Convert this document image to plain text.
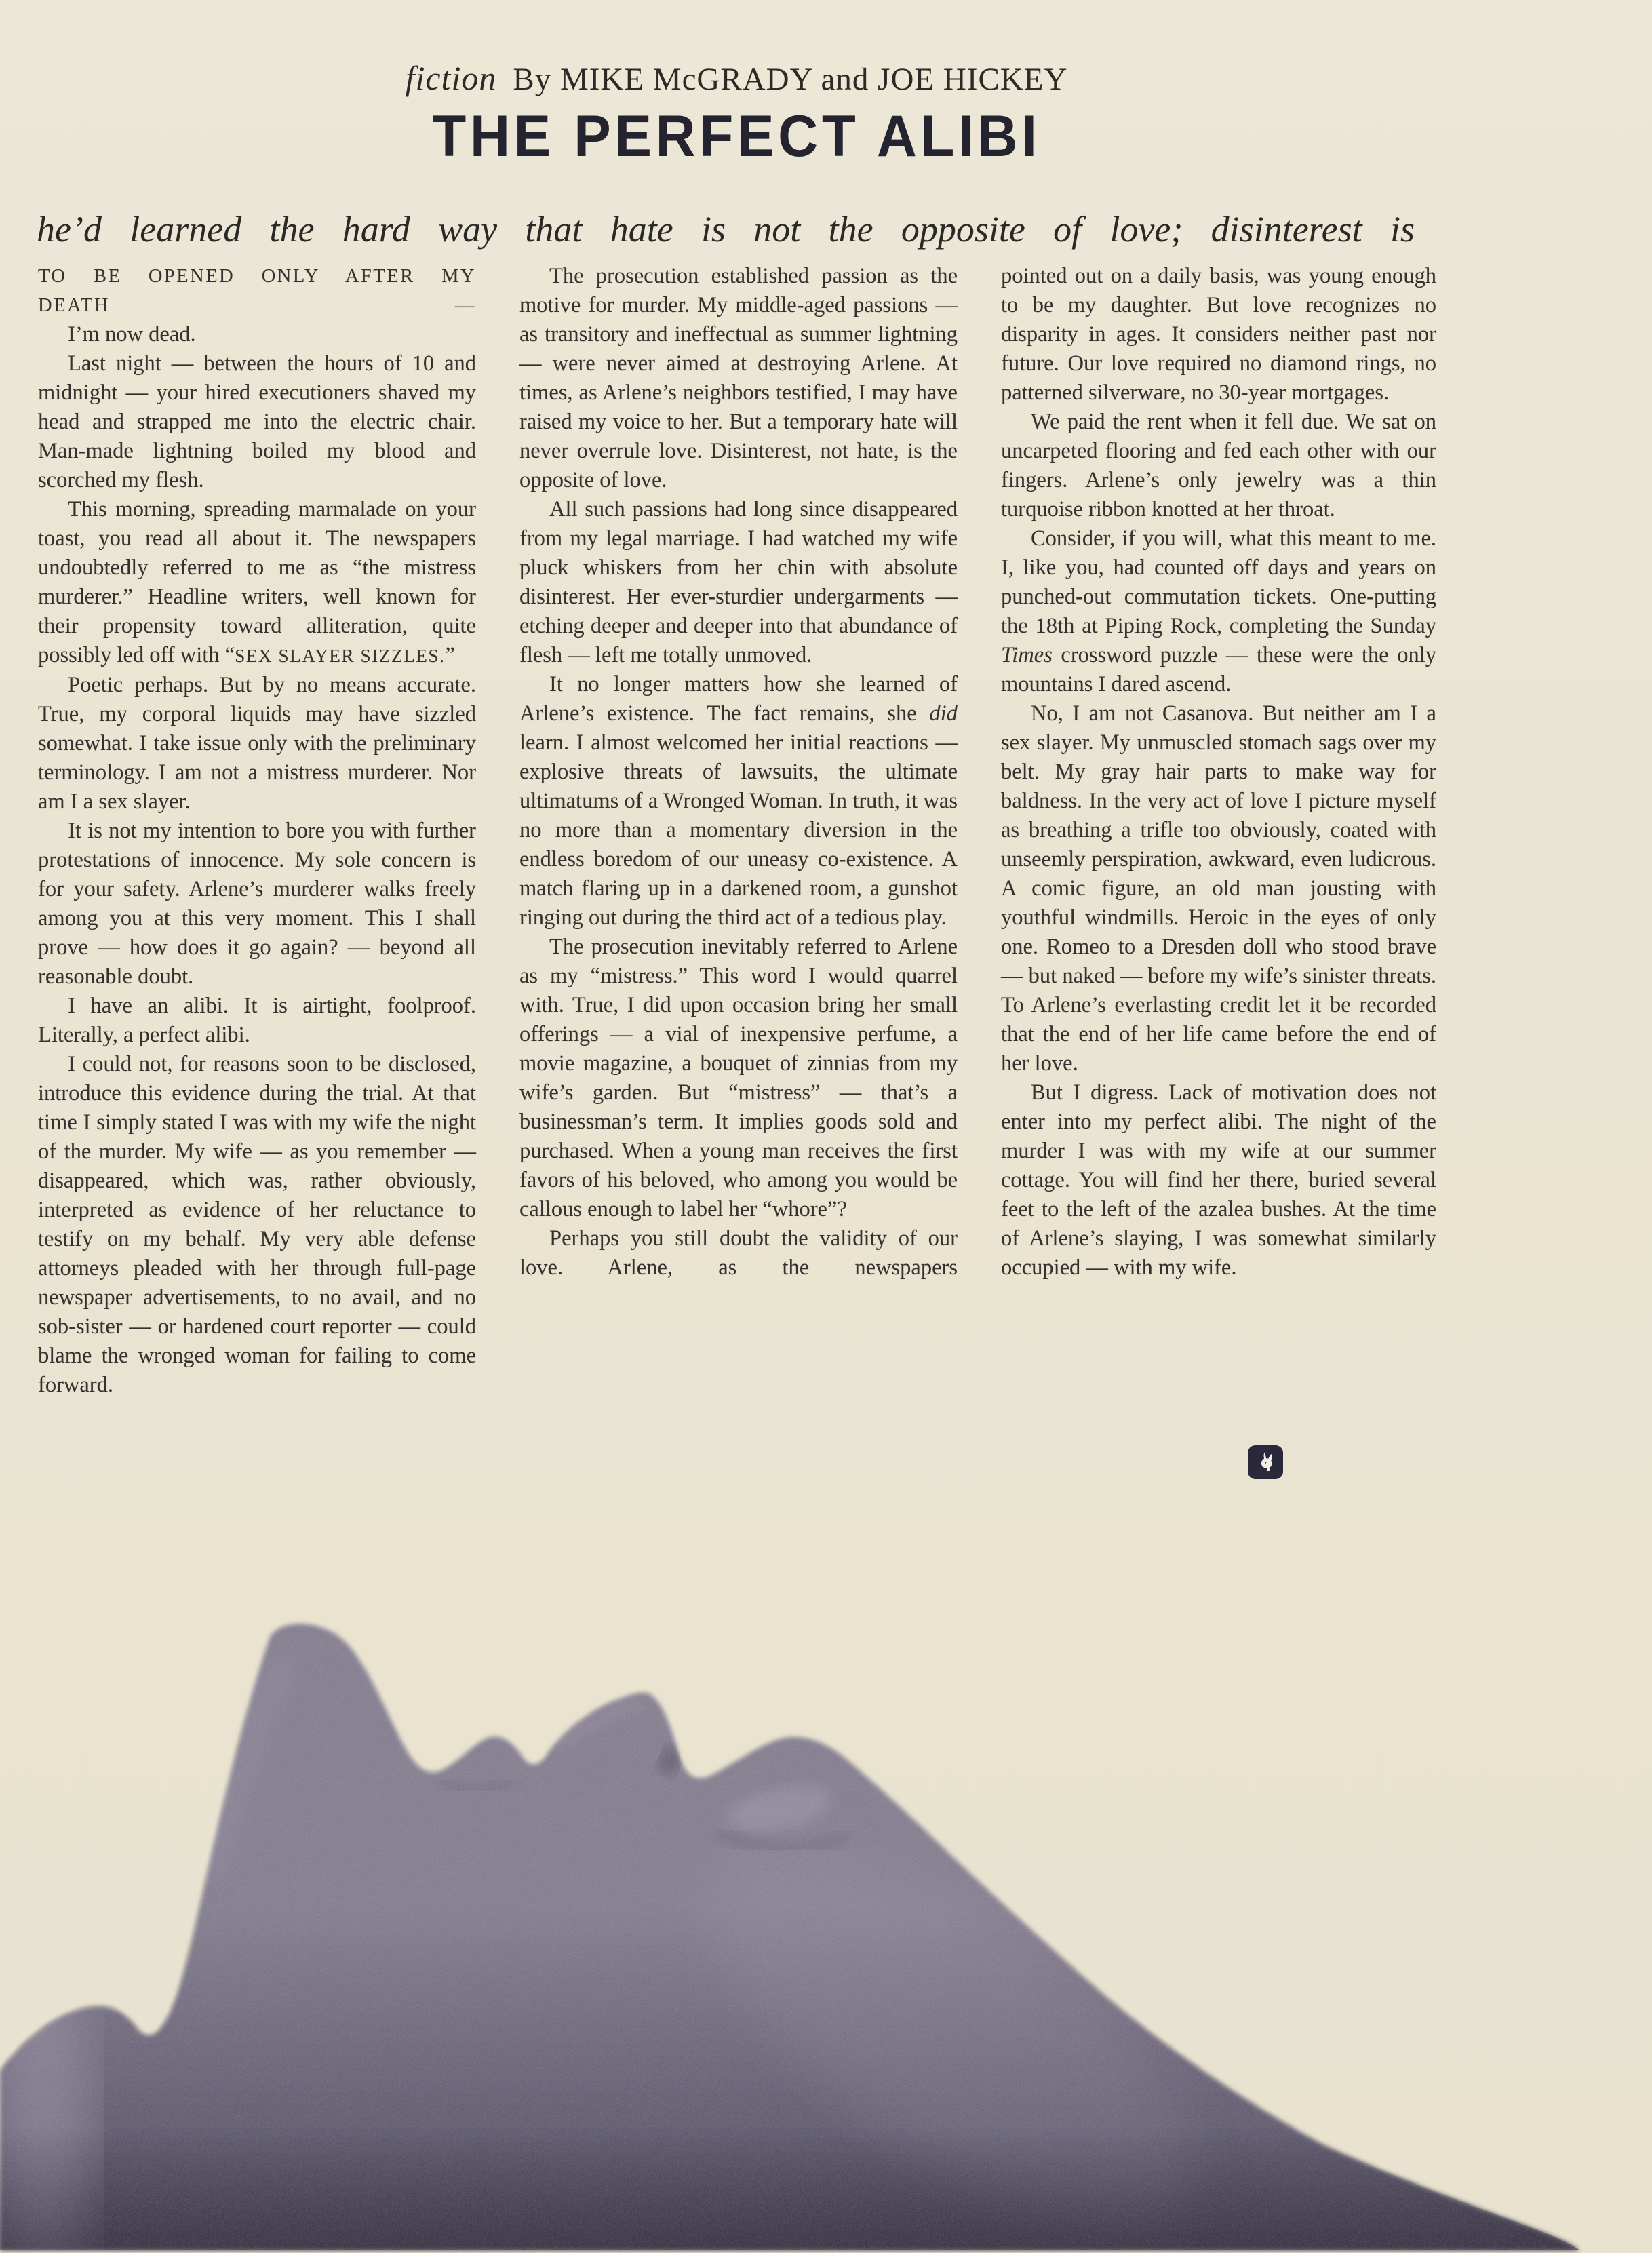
fiction By MIKE McGRADY and JOE HICKEY
THE PERFECT ALIBI
he’d learned the hard way that hate is not the opposite of love; disinterest is

TO BE OPENED ONLY AFTER MY DEATH —

I’m now dead.

Last night — between the hours of 10 and midnight — your hired executioners shaved my head and strapped me into the electric chair. Man-made lightning boiled my blood and scorched my flesh.

This morning, spreading marmalade on your toast, you read all about it. The newspapers undoubtedly referred to me as “the mistress murderer.” Headline writers, well known for their propensity toward alliteration, quite possibly led off with “SEX SLAYER SIZZLES.”

Poetic perhaps. But by no means accurate. True, my corporal liquids may have sizzled somewhat. I take issue only with the preliminary terminology. I am not a mistress murderer. Nor am I a sex slayer.

It is not my intention to bore you with further protestations of innocence. My sole concern is for your safety. Arlene’s murderer walks freely among you at this very moment. This I shall prove — how does it go again? — beyond all reasonable doubt.

I have an alibi. It is airtight, foolproof. Literally, a perfect alibi.

I could not, for reasons soon to be disclosed, introduce this evidence during the trial. At that time I simply stated I was with my wife the night of the murder. My wife — as you remember — disappeared, which was, rather obviously, interpreted as evidence of her reluctance to testify on my behalf. My very able defense attorneys pleaded with her through full-page newspaper advertisements, to no avail, and no sob-sister — or hardened court reporter — could blame the wronged woman for failing to come forward.

The prosecution established passion as the motive for murder. My middle-aged passions — as transitory and ineffectual as summer lightning — were never aimed at destroying Arlene. At times, as Arlene’s neighbors testified, I may have raised my voice to her. But a temporary hate will never overrule love. Disinterest, not hate, is the opposite of love.

All such passions had long since disappeared from my legal marriage. I had watched my wife pluck whiskers from her chin with absolute disinterest. Her ever-sturdier undergarments — etching deeper and deeper into that abundance of flesh — left me totally unmoved.

It no longer matters how she learned of Arlene’s existence. The fact remains, she did learn. I almost welcomed her initial reactions — explosive threats of lawsuits, the ultimate ultimatums of a Wronged Woman. In truth, it was no more than a momentary diversion in the endless boredom of our uneasy co-existence. A match flaring up in a darkened room, a gunshot ringing out during the third act of a tedious play.

The prosecution inevitably referred to Arlene as my “mistress.” This word I would quarrel with. True, I did upon occasion bring her small offerings — a vial of inexpensive perfume, a movie magazine, a bouquet of zinnias from my wife’s garden. But “mistress” — that’s a businessman’s term. It implies goods sold and purchased. When a young man receives the first favors of his beloved, who among you would be callous enough to label her “whore”?

Perhaps you still doubt the validity of our love. Arlene, as the newspapers

pointed out on a daily basis, was young enough to be my daughter. But love recognizes no disparity in ages. It considers neither past nor future. Our love required no diamond rings, no patterned silverware, no 30-year mortgages.

We paid the rent when it fell due. We sat on uncarpeted flooring and fed each other with our fingers. Arlene’s only jewelry was a thin turquoise ribbon knotted at her throat.

Consider, if you will, what this meant to me. I, like you, had counted off days and years on punched-out commutation tickets. One-putting the 18th at Piping Rock, completing the Sunday Times crossword puzzle — these were the only mountains I dared ascend.

No, I am not Casanova. But neither am I a sex slayer. My unmuscled stomach sags over my belt. My gray hair parts to make way for baldness. In the very act of love I picture myself as breathing a trifle too obviously, coated with unseemly perspiration, awkward, even ludicrous. A comic figure, an old man jousting with youthful windmills. Heroic in the eyes of only one. Romeo to a Dresden doll who stood brave — but naked — before my wife’s sinister threats. To Arlene’s everlasting credit let it be recorded that the end of her life came before the end of her love.

But I digress. Lack of motivation does not enter into my perfect alibi. The night of the murder I was with my wife at our summer cottage. You will find her there, buried several feet to the left of the azalea bushes. At the time of Arlene’s slaying, I was somewhat similarly occupied — with my wife.
